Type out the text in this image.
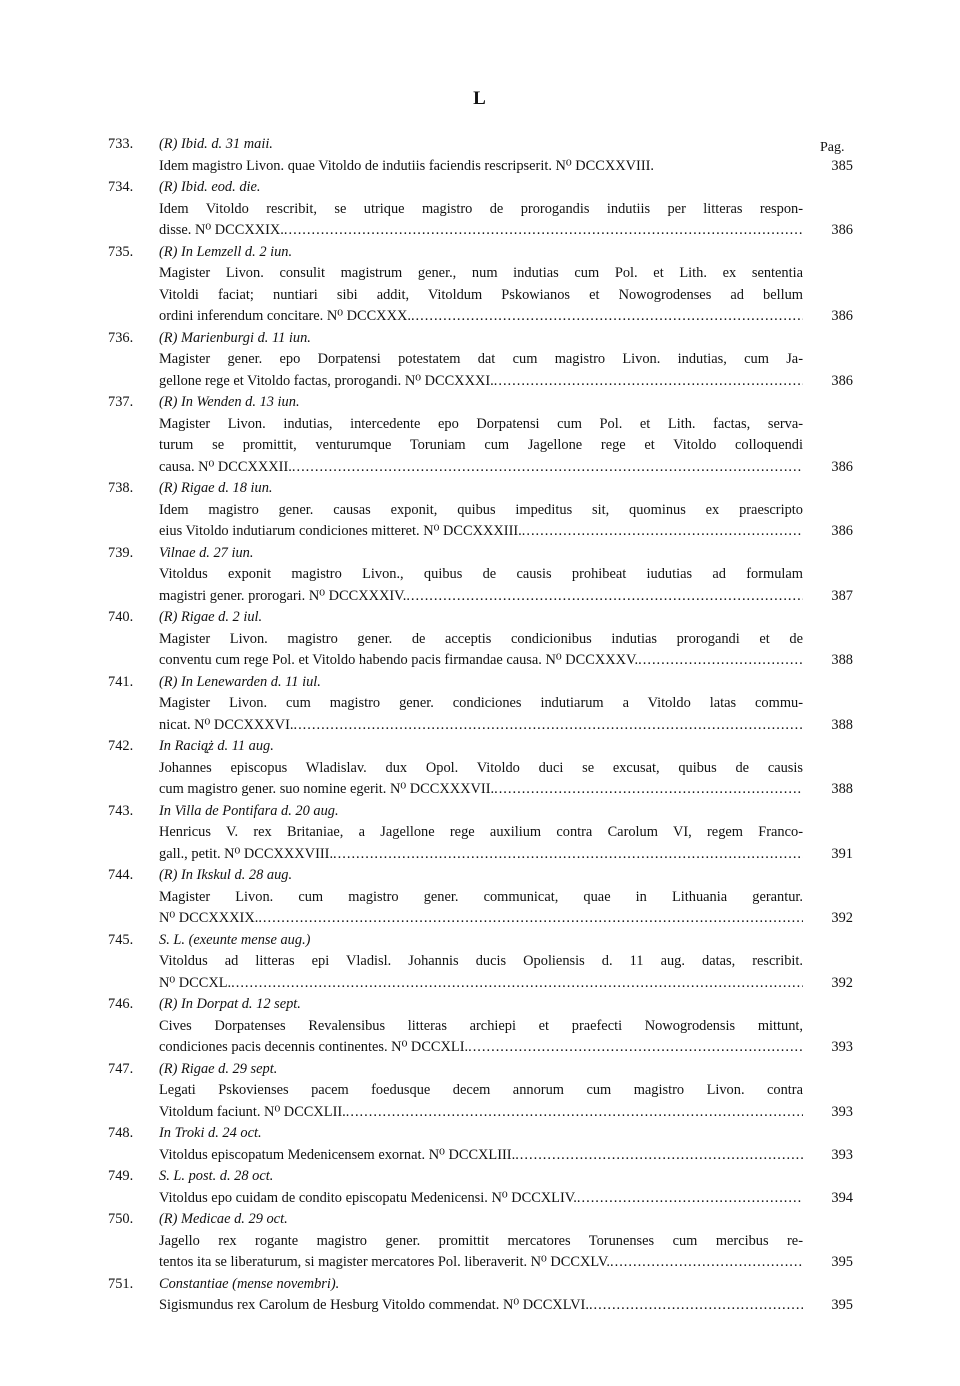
L
Pag.
733. (R) Ibid. d. 31 maii.
Idem magistro Livon. quae Vitoldo de indutiis faciendis rescripserit. N⁰ DCCXXVIII.	385
734. (R) Ibid. eod. die.
Idem Vitoldo rescribit, se utrique magistro de prorogandis indutiis per litteras respon-
disse. N⁰ DCCXXIX. .....	386
735. (R) In Lemzell d. 2 iun.
Magister Livon. consulit magistrum gener., num indutias cum Pol. et Lith. ex sententia
Vitoldi faciat; nuntiari sibi addit, Vitoldum Pskowianos et Nowogrodenses ad bellum
ordini inferendum concitare. N⁰ DCCXXX. .....	386
736. (R) Marienburgi d. 11 iun.
Magister gener. epo Dorpatensi potestatem dat cum magistro Livon. indutias, cum Ja-
gellone rege et Vitoldo factas, prorogandi. N⁰ DCCXXXI. .....	386
737. (R) In Wenden d. 13 iun.
Magister Livon. indutias, intercedente epo Dorpatensi cum Pol. et Lith. factas, serva-
turum se promittit, venturumque Toruniam cum Jagellone rege et Vitoldo colloquendi
causa. N⁰ DCCXXXII. .....	386
738. (R) Rigae d. 18 iun.
Idem magistro gener. causas exponit, quibus impeditus sit, quominus ex praescripto
eius Vitoldo indutiarum condiciones mitteret. N⁰ DCCXXXIII. .....	386
739. Vilnae d. 27 iun.
Vitoldus exponit magistro Livon., quibus de causis prohibeat iudutias ad formulam
magistri gener. prorogari. N⁰ DCCXXXIV. .....	387
740. (R) Rigae d. 2 iul.
Magister Livon. magistro gener. de acceptis condicionibus indutias prorogandi et de
conventu cum rege Pol. et Vitoldo habendo pacis firmandae causa. N⁰ DCCXXXV. .....	388
741. (R) In Lenewarden d. 11 iul.
Magister Livon. cum magistro gener. condiciones indutiarum a Vitoldo latas commu-
nicat. N⁰ DCCXXXVI. .....	388
742. In Racią̨ż d. 11 aug.
Johannes episcopus Wladislav. dux Opol. Vitoldo duci se excusat, quibus de causis
cum magistro gener. suo nomine egerit. N⁰ DCCXXXVII. .....	388
743. In Villa de Pontifara d. 20 aug.
Henricus V. rex Britaniae, a Jagellone rege auxilium contra Carolum VI, regem Franco-
gall., petit. N⁰ DCCXXXVIII. .....	391
744. (R) In Ikskul d. 28 aug.
Magister Livon. cum magistro gener. communicat, quae in Lithuania gerantur.
N⁰ DCCXXXIX. .....	392
745. S. L. (exeunte mense aug.)
Vitoldus ad litteras epi Vladisl. Johannis ducis Opoliensis d. 11 aug. datas, rescribit.
N⁰ DCCXL. .....	392
746. (R) In Dorpat d. 12 sept.
Cives Dorpatenses Revalensibus litteras archiepi et praefecti Nowogrodensis mittunt,
condiciones pacis decennis continentes. N⁰ DCCXLI. .....	393
747. (R) Rigae d. 29 sept.
Legati Pskovienses pacem foedusque decem annorum cum magistro Livon. contra
Vitoldum faciunt. N⁰ DCCXLII. .....	393
748. In Troki d. 24 oct.
Vitoldus episcopatum Medenicensem exornat. N⁰ DCCXLIII. .....	393
749. S. L. post. d. 28 oct.
Vitoldus epo cuidam de condito episcopatu Medenicensi. N⁰ DCCXLIV. .....	394
750. (R) Medicae d. 29 oct.
Jagello rex rogante magistro gener. promittit mercatores Torunenses cum mercibus re-
tentos ita se liberaturum, si magister mercatores Pol. liberaverit. N⁰ DCCXLV. .....	395
751. Constantiae (mense novembri).
Sigismundus rex Carolum de Hesburg Vitoldo commendat. N⁰ DCCXLVI. .....	395
